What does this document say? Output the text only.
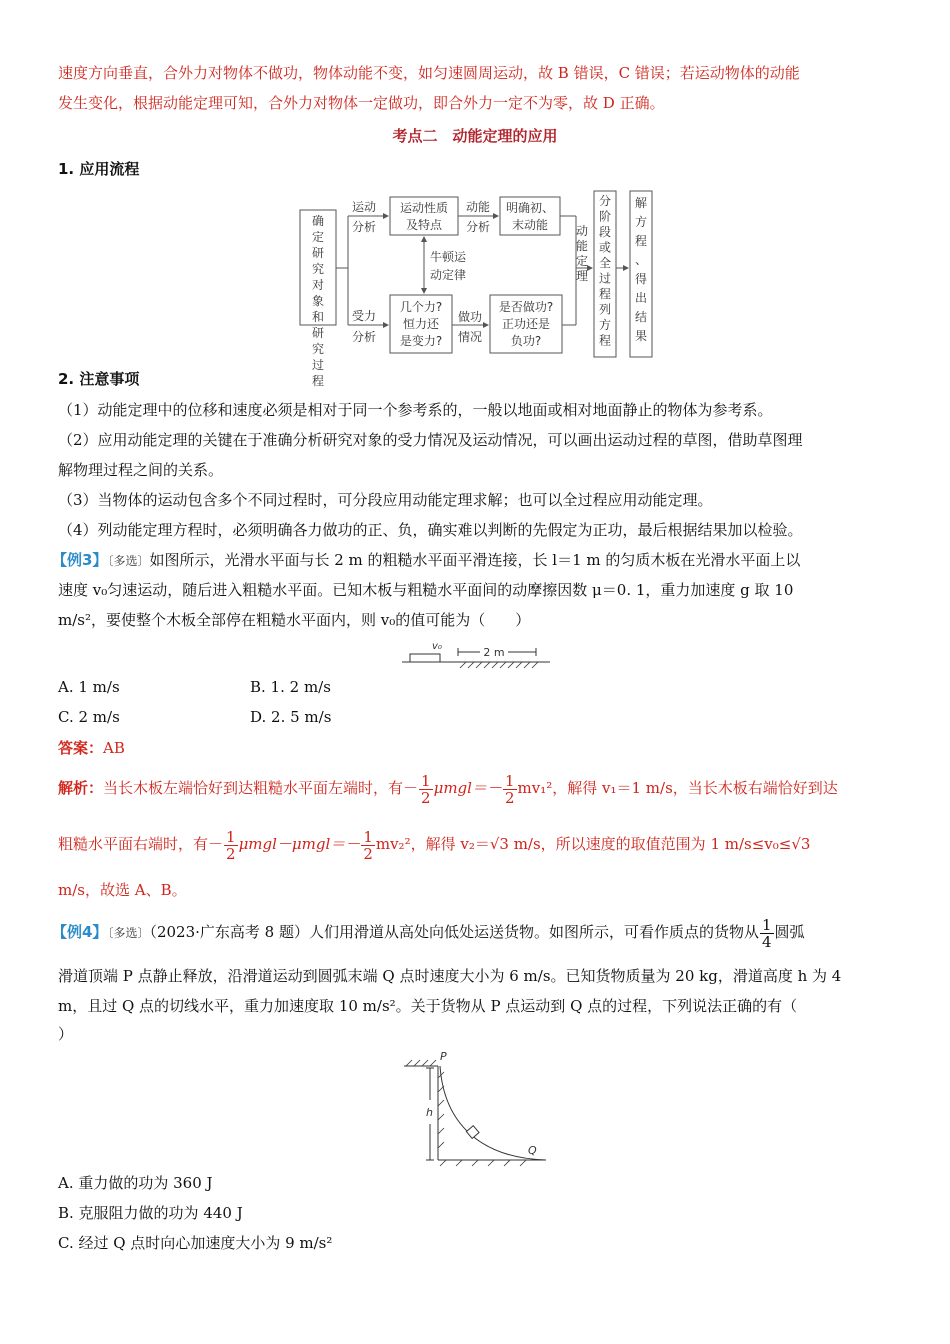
速度方向垂直，合外力对物体不做功，物体动能不变，如匀速圆周运动，故 B 错误，C 错误；若运动物体的动能
发生变化，根据动能定理可知，合外力对物体一定做功，即合外力一定不为零，故 D 正确。
考点二　动能定理的应用
1. 应用流程
确定研究对象和研究过程
运动
分析
受力
分析
运动性质
及特点
动能
分析
明确初、
末动能
牛顿运
动定律
几个力?
恒力还
是变力?
做功
情况
是否做功?
正功还是
负功?
动能定理
分阶段或全过程列方程
解方程、得出结果
2. 注意事项
（1）动能定理中的位移和速度必须是相对于同一个参考系的，一般以地面或相对地面静止的物体为参考系。
（2）应用动能定理的关键在于准确分析研究对象的受力情况及运动情况，可以画出运动过程的草图，借助草图理
解物理过程之间的关系。
（3）当物体的运动包含多个不同过程时，可分段应用动能定理求解；也可以全过程应用动能定理。
（4）列动能定理方程时，必须明确各力做功的正、负，确实难以判断的先假定为正功，最后根据结果加以检验。
【例3】〔多选〕如图所示，光滑水平面与长 2 m 的粗糙水平面平滑连接，长 l＝1 m 的匀质木板在光滑水平面上以
速度 v₀匀速运动，随后进入粗糙水平面。已知木板与粗糙水平面间的动摩擦因数 μ＝0. 1，重力加速度 g 取 10
m/s²，要使整个木板全部停在粗糙水平面内，则 v₀的值可能为（　　）
v₀	2 m
A. 1 m/s	B. 1. 2 m/s
C. 2 m/s	D. 2. 5 m/s
答案：AB
解析：当长木板左端恰好到达粗糙水平面左端时，有－ $\frac{1}{2} \mu mgl=- \frac{1}{2} mv_1^2$，解得 v₁＝1 m/s，当长木板右端恰好到达
粗糙水平面右端时，有－ $\frac{1}{2} \mu mgl-\mu mgl=- \frac{1}{2} mv_2^2$，解得 v₂＝√3 m/s，所以速度的取值范围为 1 m/s≤v₀≤√3
m/s，故选 A、B。
【例4】〔多选〕（2023·广东高考 8 题）人们用滑道从高处向低处运送货物。如图所示，可看作质点的货物从 $\frac{1}{4}$ 圆弧
滑道顶端 P 点静止释放，沿滑道运动到圆弧末端 Q 点时速度大小为 6 m/s。已知货物质量为 20 kg，滑道高度 h 为 4
m，且过 Q 点的切线水平，重力加速度取 10 m/s²。关于货物从 P 点运动到 Q 点的过程，下列说法正确的有（
）
P
Q
h
A. 重力做的功为 360 J
B. 克服阻力做的功为 440 J
C. 经过 Q 点时向心加速度大小为 9 m/s²
